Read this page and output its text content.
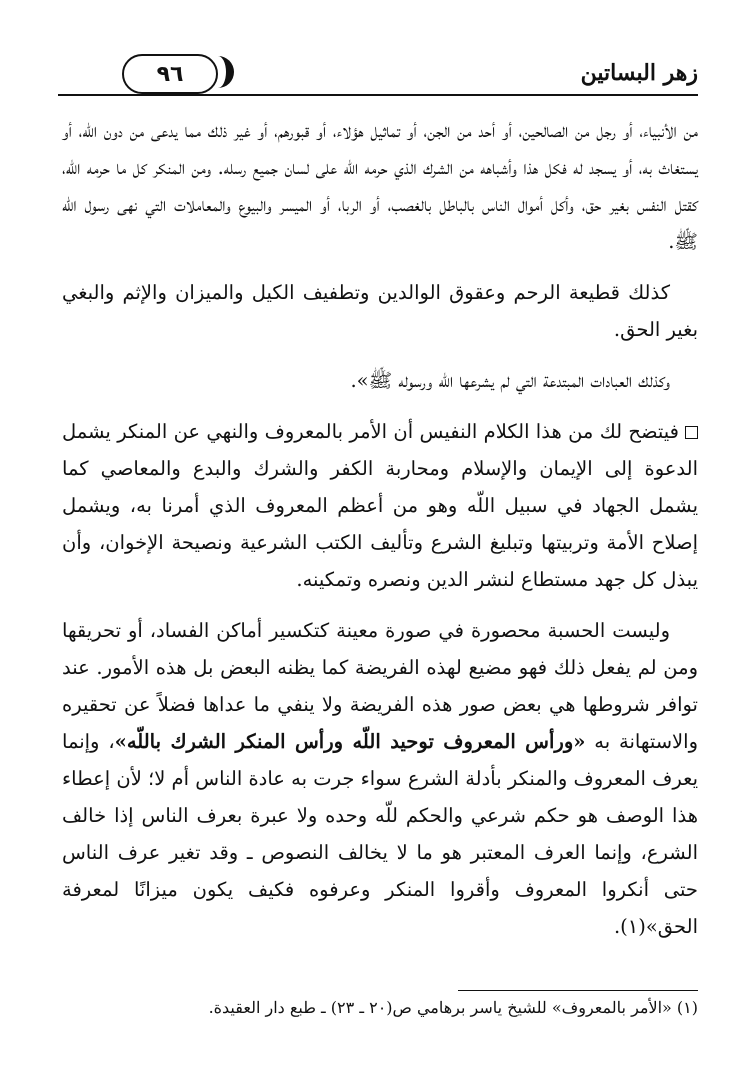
زهر البساتين
٩٦

من الأنبياء، أو رجل من الصالحين، أو أحد من الجن، أو تماثيل هؤلاء، أو قبورهم، أو غير ذلك مما يدعى من دون اللّه، أو يستغاث به، أو يسجد له فكل هذا وأشباهه من الشرك الذي حرمه اللّه على لسان جميع رسله. ومن المنكر كل ما حرمه اللّه، كقتل النفس بغير حق، وأكل أموال الناس بالباطل بالغصب، أو الربا، أو الميسر والبيوع والمعاملات التي نهى رسول اللّه ﷺ.

كذلك قطيعة الرحم وعقوق الوالدين وتطفيف الكيل والميزان والإثم والبغي بغير الحق.

وكذلك العبادات المبتدعة التي لم يشرعها اللّه ورسوله ﷺ».

فيتضح لك من هذا الكلام النفيس أن الأمر بالمعروف والنهي عن المنكر يشمل الدعوة إلى الإيمان والإسلام ومحاربة الكفر والشرك والبدع والمعاصي كما يشمل الجهاد في سبيل اللّه وهو من أعظم المعروف الذي أمرنا به، ويشمل إصلاح الأمة وتربيتها وتبليغ الشرع وتأليف الكتب الشرعية ونصيحة الإخوان، وأن يبذل كل جهد مستطاع لنشر الدين ونصره وتمكينه.

وليست الحسبة محصورة في صورة معينة كتكسير أماكن الفساد، أو تحريقها ومن لم يفعل ذلك فهو مضيع لهذه الفريضة كما يظنه البعض بل هذه الأمور. عند توافر شروطها هي بعض صور هذه الفريضة ولا ينفي ما عداها فضلاً عن تحقيره والاستهانة به «ورأس المعروف توحيد اللّه ورأس المنكر الشرك باللّه»، وإنما يعرف المعروف والمنكر بأدلة الشرع سواء جرت به عادة الناس أم لا؛ لأن إعطاء هذا الوصف هو حكم شرعي والحكم للّه وحده ولا عبرة بعرف الناس إذا خالف الشرع، وإنما العرف المعتبر هو ما لا يخالف النصوص ـ وقد تغير عرف الناس حتى أنكروا المعروف وأقروا المنكر وعرفوه فكيف يكون ميزانًا لمعرفة الحق»(١).

(١) «الأمر بالمعروف» للشيخ ياسر برهامي ص(٢٠ ـ ٢٣) ـ طبع دار العقيدة.
